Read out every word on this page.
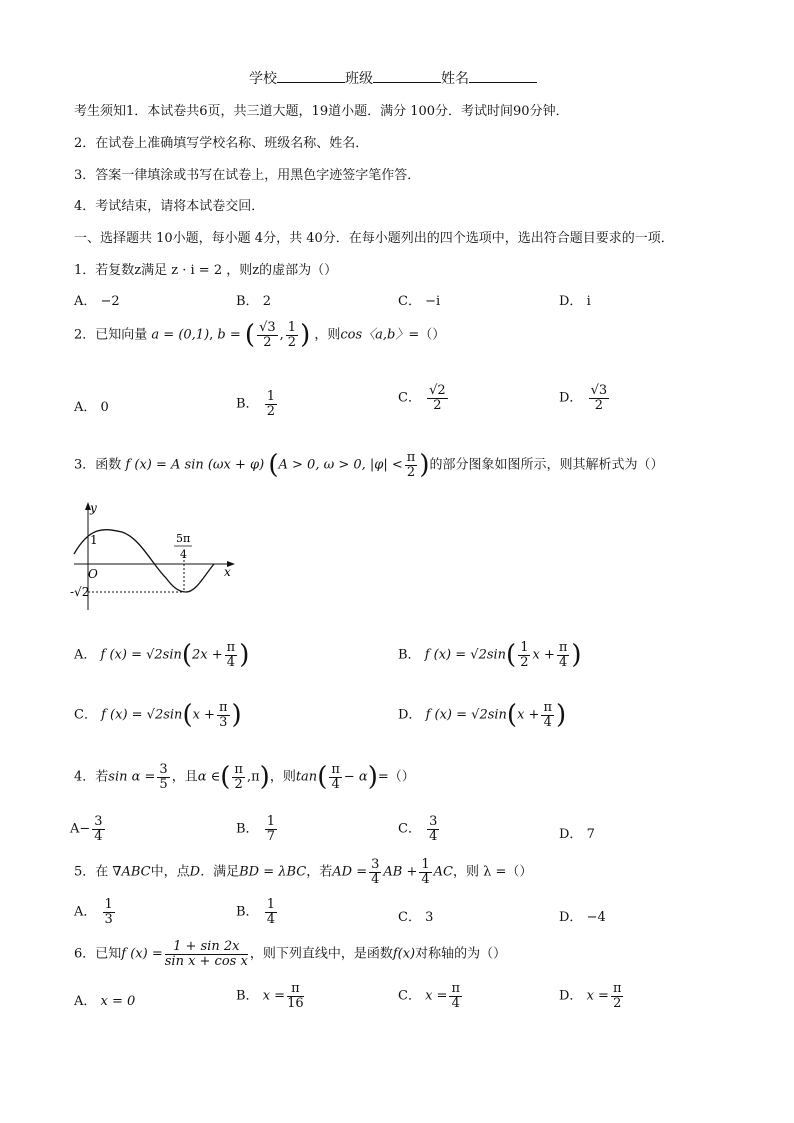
学校	班级	姓名
考生须知1．本试卷共6页，共三道大题，19道小题．满分 100分．考试时间90分钟．
2．在试卷上准确填写学校名称、班级名称、姓名．
3．答案一律填涂或书写在试卷上，用黑色字迹签字笔作答．
4．考试结束，请将本试卷交回．
一、选择题共 10小题，每小题 4分，共 40分．在每小题列出的四个选项中，选出符合题目要求的一项．
1．若复数z满足 z · i = 2 ，则z的虚部为（）
A． −2	B． 2	C． −i	D． i
2．已知向量 a = (0,1), b = ( $\frac{√3}{2}$ , $\frac{1}{2}$ ) ，则cos〈a,b〉=（）
A． 0	B． $\frac{1}{2}$	C． $\frac{√2}{2}$	D． $\frac{√3}{2}$
3．函数 f (x) = A sin (ωx + φ) (A > 0, ω > 0, $|\varphi| < \frac{\pi}{2}$ )的部分图象如图所示，则其解析式为（）
y
x
O
1
-√2
5π
4
A． f $(x) = √2\sin(2x + \frac{\pi}{4}$ )	B． f $(x) = √2\sin( \frac{1}{2}$ $x + \frac{\pi}{4}$ )
C． f $(x) = √2\sin(x + \frac{\pi}{3}$ )	D． f $(x) = √2\sin(x + \frac{\pi}{4}$ )
4．若$\sin \alpha = \frac{3}{5}$ ，且α ∈( $\frac{\pi}{2} ,\pi$)，则$\tan( \frac{\pi}{4} - \alpha)=()$
$A- \frac{3}{4}$	B． $\frac{1}{7}$	C． $\frac{3}{4}$	D． 7
5．在 ∇ABC中，点D．满足BD = λBC，若AD = $\frac{3}{4}$ AB + $\frac{1}{4}$ AC，则 λ =（）
A． $\frac{1}{3}$	B． $\frac{1}{4}$	C． 3	D． −4
6．已知f $(x) = \frac{1 + \sin 2x}{\text{sin x + cos x}}$ ，则下列直线中，是函数f(x)对称轴的为（）
A． x = 0	B． $x = \frac{\pi}{16}$	C． $x = \frac{\pi}{4}$	D． $x = \frac{\pi}{2}$
